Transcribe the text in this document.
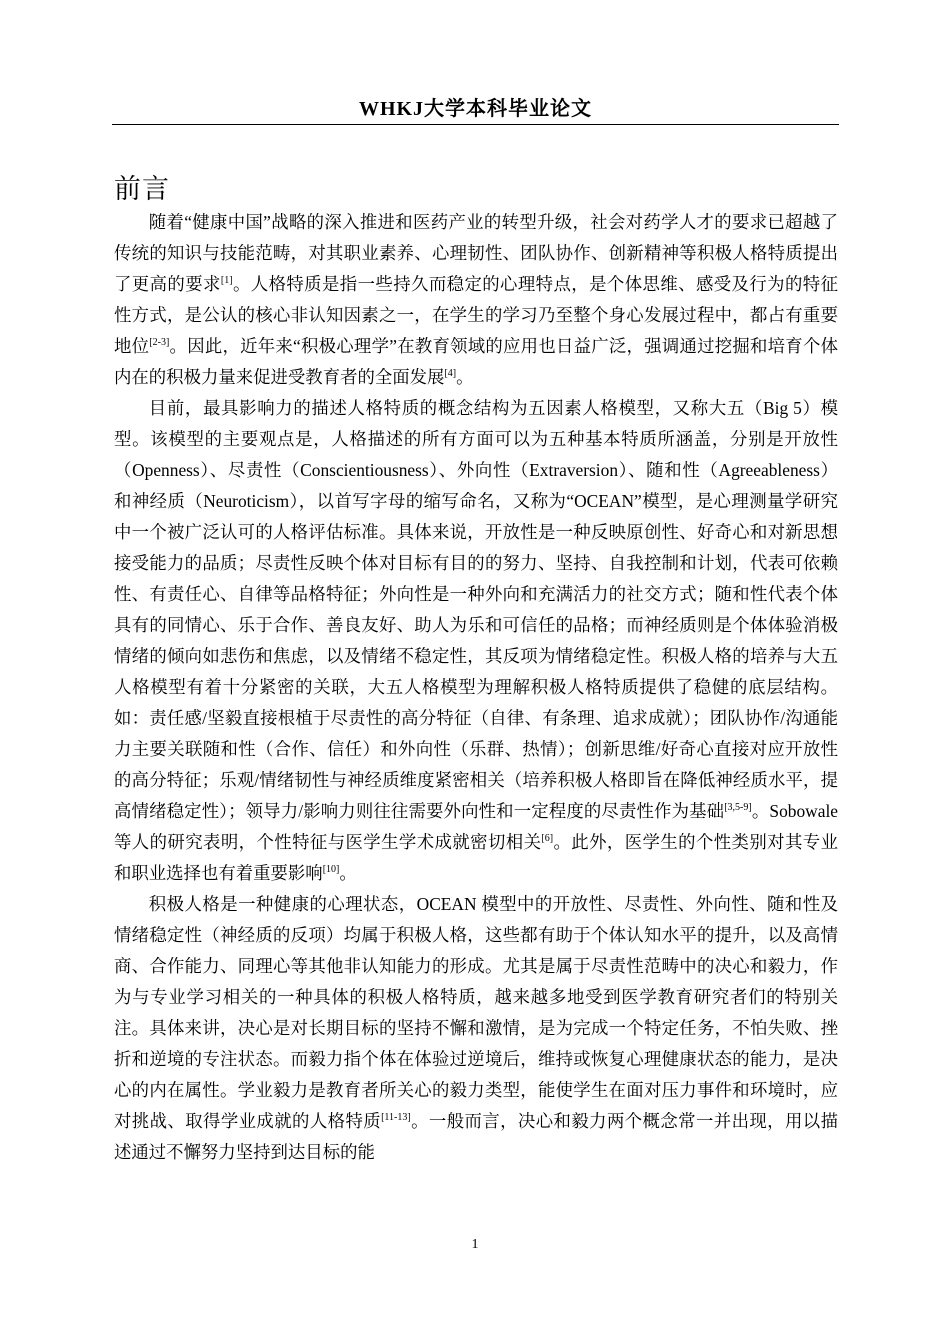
WHKJ大学本科毕业论文
前言

随着“健康中国”战略的深入推进和医药产业的转型升级，社会对药学人才的要求已超越了传统的知识与技能范畴，对其职业素养、心理韧性、团队协作、创新精神等积极人格特质提出了更高的要求[1]。人格特质是指一些持久而稳定的心理特点，是个体思维、感受及行为的特征性方式，是公认的核心非认知因素之一，在学生的学习乃至整个身心发展过程中，都占有重要地位[2-3]。因此，近年来“积极心理学”在教育领域的应用也日益广泛，强调通过挖掘和培育个体内在的积极力量来促进受教育者的全面发展[4]。

目前，最具影响力的描述人格特质的概念结构为五因素人格模型，又称大五（Big 5）模型。该模型的主要观点是，人格描述的所有方面可以为五种基本特质所涵盖，分别是开放性（Openness）、尽责性（Conscientiousness）、外向性（Extraversion）、随和性（Agreeableness）和神经质（Neuroticism），以首写字母的缩写命名，又称为“OCEAN”模型，是心理测量学研究中一个被广泛认可的人格评估标准。具体来说，开放性是一种反映原创性、好奇心和对新思想接受能力的品质；尽责性反映个体对目标有目的的努力、坚持、自我控制和计划，代表可依赖性、有责任心、自律等品格特征；外向性是一种外向和充满活力的社交方式；随和性代表个体具有的同情心、乐于合作、善良友好、助人为乐和可信任的品格；而神经质则是个体体验消极情绪的倾向如悲伤和焦虑，以及情绪不稳定性，其反项为情绪稳定性。积极人格的培养与大五人格模型有着十分紧密的关联，大五人格模型为理解积极人格特质提供了稳健的底层结构。如：责任感/坚毅直接根植于尽责性的高分特征（自律、有条理、追求成就）；团队协作/沟通能力主要关联随和性（合作、信任）和外向性（乐群、热情）；创新思维/好奇心直接对应开放性的高分特征；乐观/情绪韧性与神经质维度紧密相关（培养积极人格即旨在降低神经质水平，提高情绪稳定性）；领导力/影响力则往往需要外向性和一定程度的尽责性作为基础[3,5-9]。Sobowale等人的研究表明，个性特征与医学生学术成就密切相关[6]。此外，医学生的个性类别对其专业和职业选择也有着重要影响[10]。

积极人格是一种健康的心理状态，OCEAN 模型中的开放性、尽责性、外向性、随和性及情绪稳定性（神经质的反项）均属于积极人格，这些都有助于个体认知水平的提升，以及高情商、合作能力、同理心等其他非认知能力的形成。尤其是属于尽责性范畴中的决心和毅力，作为与专业学习相关的一种具体的积极人格特质，越来越多地受到医学教育研究者们的特别关注。具体来讲，决心是对长期目标的坚持不懈和激情，是为完成一个特定任务，不怕失败、挫折和逆境的专注状态。而毅力指个体在体验过逆境后，维持或恢复心理健康状态的能力，是决心的内在属性。学业毅力是教育者所关心的毅力类型，能使学生在面对压力事件和环境时，应对挑战、取得学业成就的人格特质[11-13]。一般而言，决心和毅力两个概念常一并出现，用以描述通过不懈努力坚持到达目标的能

1
